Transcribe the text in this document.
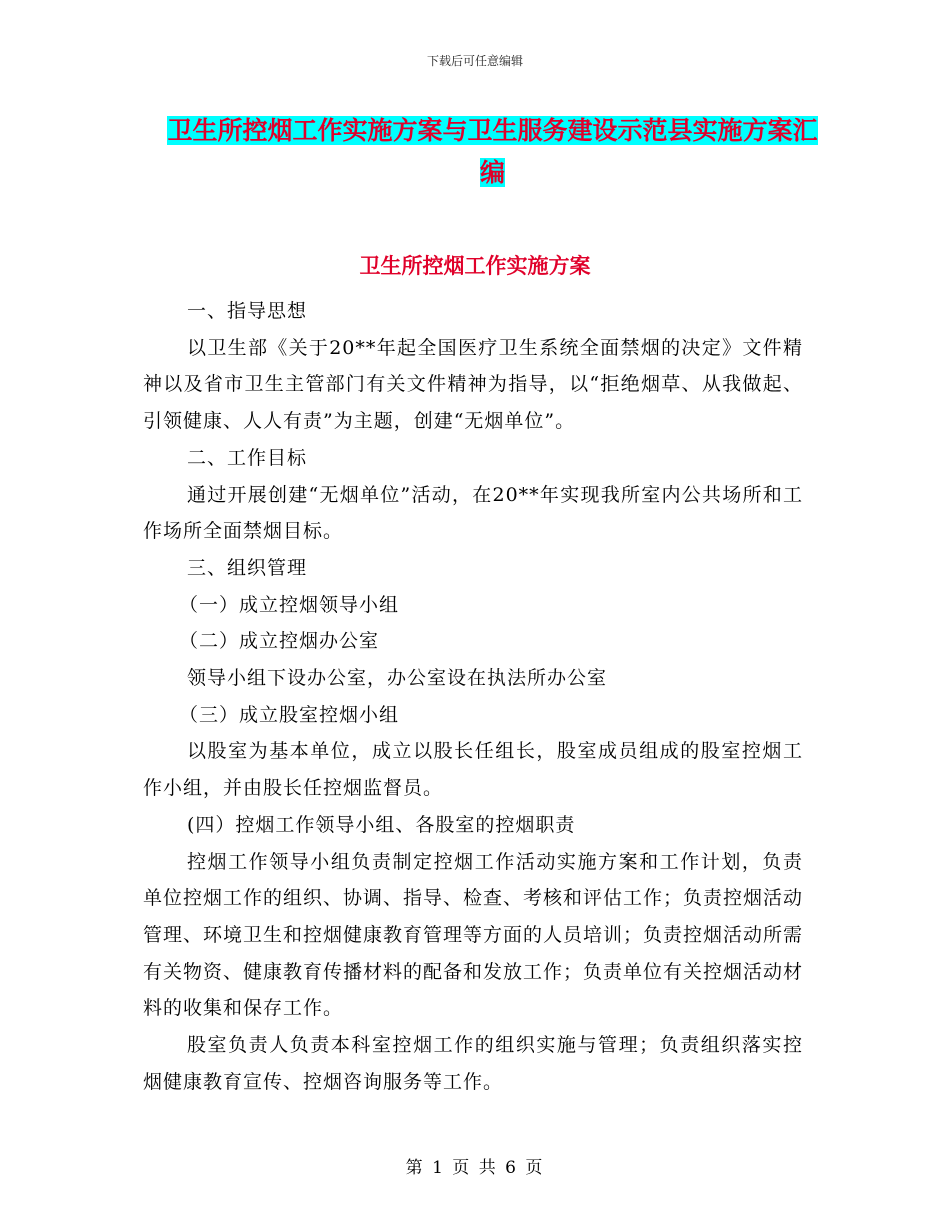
下载后可任意编辑
卫生所控烟工作实施方案与卫生服务建设示范县实施方案汇编
卫生所控烟工作实施方案

一、指导思想

以卫生部《关于20**年起全国医疗卫生系统全面禁烟的决定》文件精神以及省市卫生主管部门有关文件精神为指导，以“拒绝烟草、从我做起、引领健康、人人有责”为主题，创建“无烟单位”。

二、工作目标

通过开展创建“无烟单位”活动，在20**年实现我所室内公共场所和工作场所全面禁烟目标。

三、组织管理

（一）成立控烟领导小组

（二）成立控烟办公室

领导小组下设办公室，办公室设在执法所办公室

（三）成立股室控烟小组

以股室为基本单位，成立以股长任组长，股室成员组成的股室控烟工作小组，并由股长任控烟监督员。

(四）控烟工作领导小组、各股室的控烟职责

控烟工作领导小组负责制定控烟工作活动实施方案和工作计划，负责单位控烟工作的组织、协调、指导、检查、考核和评估工作；负责控烟活动管理、环境卫生和控烟健康教育管理等方面的人员培训；负责控烟活动所需有关物资、健康教育传播材料的配备和发放工作；负责单位有关控烟活动材料的收集和保存工作。

股室负责人负责本科室控烟工作的组织实施与管理；负责组织落实控烟健康教育宣传、控烟咨询服务等工作。

第 1 页 共 6 页
